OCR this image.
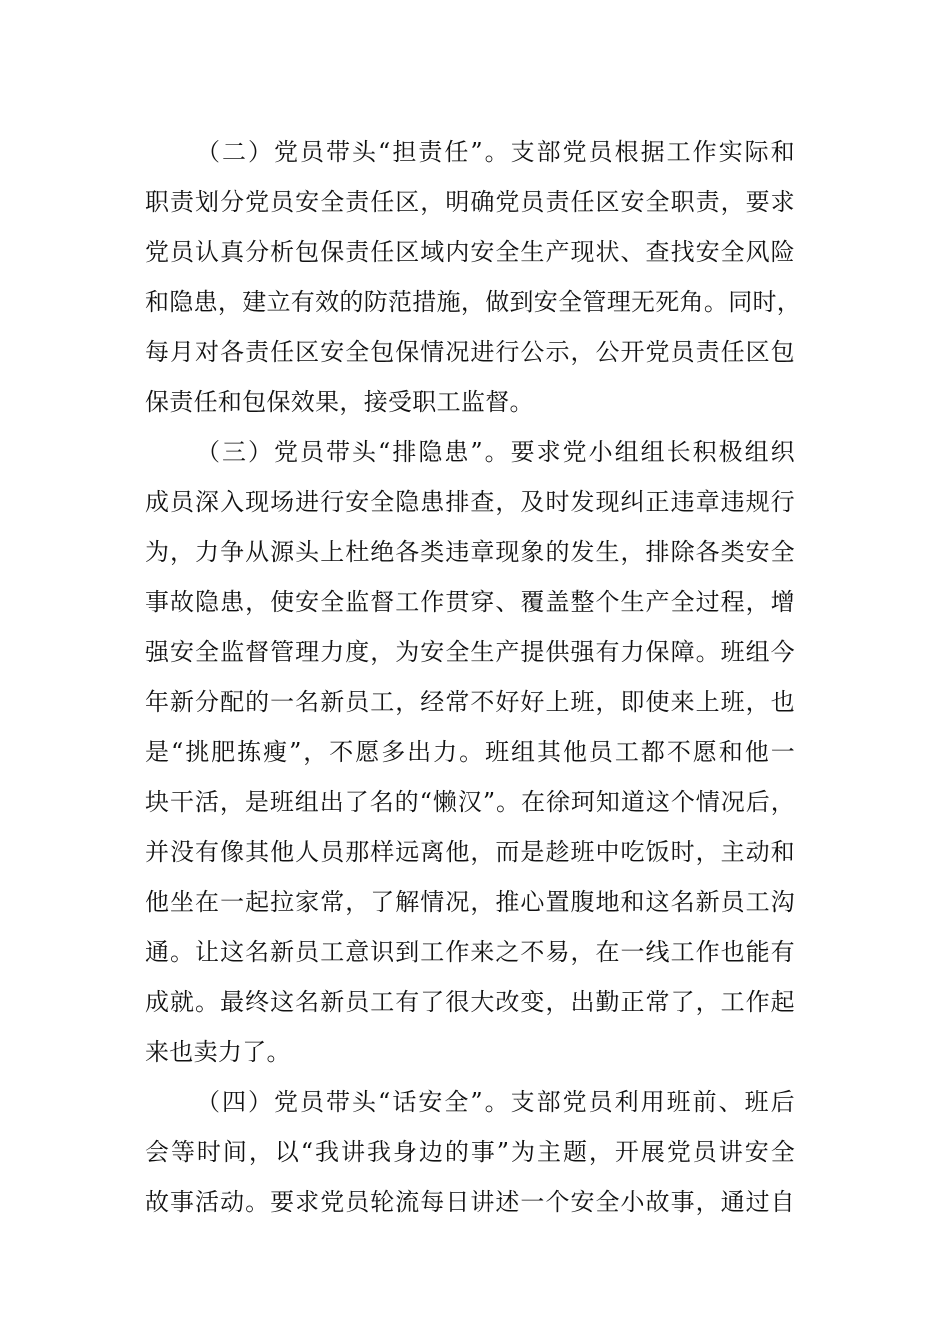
（二）党员带头“担责任”。支部党员根据工作实际和
职责划分党员安全责任区，明确党员责任区安全职责，要求
党员认真分析包保责任区域内安全生产现状、查找安全风险
和隐患，建立有效的防范措施，做到安全管理无死角。同时，
每月对各责任区安全包保情况进行公示，公开党员责任区包
保责任和包保效果，接受职工监督。
（三）党员带头“排隐患”。要求党小组组长积极组织
成员深入现场进行安全隐患排查，及时发现纠正违章违规行
为，力争从源头上杜绝各类违章现象的发生，排除各类安全
事故隐患，使安全监督工作贯穿、覆盖整个生产全过程，增
强安全监督管理力度，为安全生产提供强有力保障。班组今
年新分配的一名新员工，经常不好好上班，即使来上班，也
是“挑肥拣瘦”，不愿多出力。班组其他员工都不愿和他一
块干活，是班组出了名的“懒汉”。在徐珂知道这个情况后，
并没有像其他人员那样远离他，而是趁班中吃饭时，主动和
他坐在一起拉家常，了解情况，推心置腹地和这名新员工沟
通。让这名新员工意识到工作来之不易，在一线工作也能有
成就。最终这名新员工有了很大改变，出勤正常了，工作起
来也卖力了。
（四）党员带头“话安全”。支部党员利用班前、班后
会等时间，以“我讲我身边的事”为主题，开展党员讲安全
故事活动。要求党员轮流每日讲述一个安全小故事，通过自
